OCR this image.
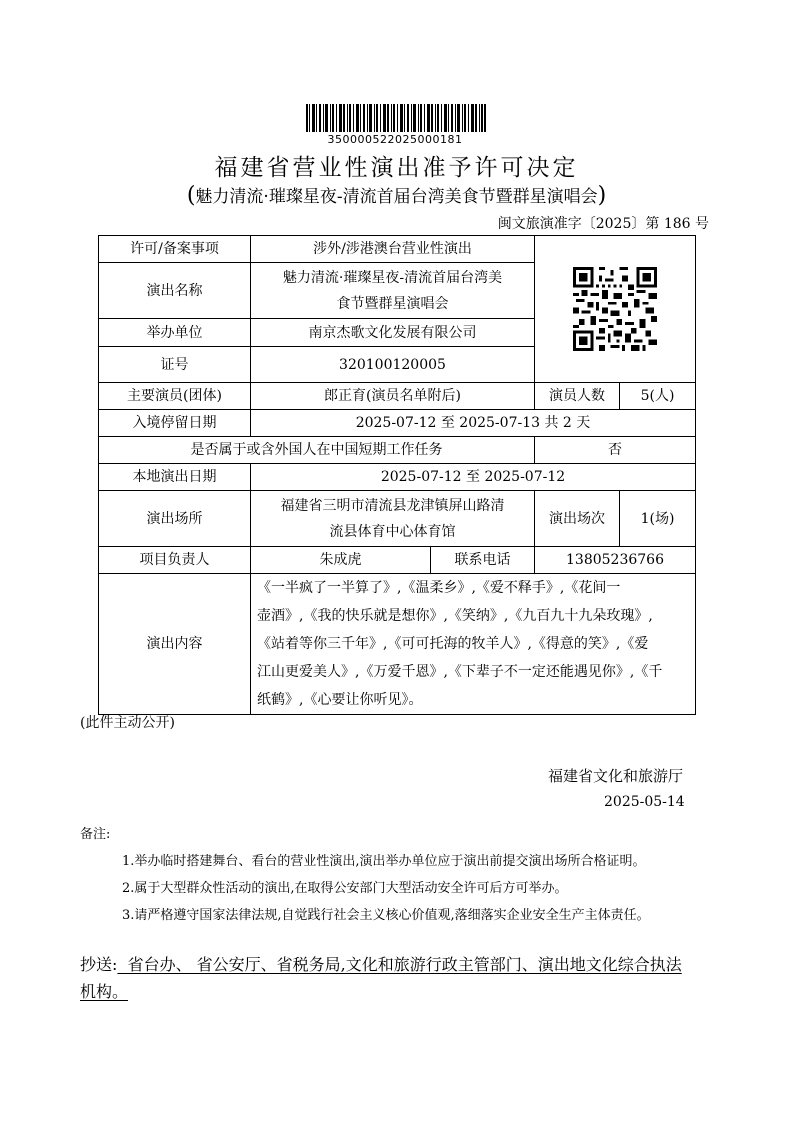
350000522025000181
福建省营业性演出准予许可决定
(魅力清流·璀璨星夜-清流首届台湾美食节暨群星演唱会)
闽文旅演准字〔2025〕第 186 号
许可/备案事项	涉外/涉港澳台营业性演出	

演出名称	魅力清流·璀璨星夜-清流首届台湾美
食节暨群星演唱会			

举办单位	南京杰歌文化发展有限公司			
证号	320100120005			
主要演员(团体)	郎正育(演员名单附后)		演员人数	5(人)
入境停留日期	2025-07-12 至 2025-07-13 共 2 天			
是否属于或含外国人在中国短期工作任务			否	
本地演出日期	2025-07-12 至 2025-07-12			
演出场所	福建省三明市清流县龙津镇屏山路清
流县体育中心体育馆		演出场次	1(场)
项目负责人	朱成虎	联系电话	13805236766	
演出内容	《一半疯了一半算了》,《温柔乡》,《爱不释手》,《花间一
壶酒》,《我的快乐就是想你》,《笑纳》,《九百九十九朵玫瑰》,
《站着等你三千年》,《可可托海的牧羊人》,《得意的笑》,《爱
江山更爱美人》,《万爱千恩》,《下辈子不一定还能遇见你》,《千
纸鹤》,《心要让你听见》。			
(此件主动公开)
福建省文化和旅游厅
2025-05-14
备注:
1.举办临时搭建舞台、看台的营业性演出,演出举办单位应于演出前提交演出场所合格证明。
2.属于大型群众性活动的演出,在取得公安部门大型活动安全许可后方可举办。
3.请严格遵守国家法律法规,自觉践行社会主义核心价值观,落细落实企业安全生产主体责任。
抄送:  省台办、 省公安厅、省税务局,文化和旅游行政主管部门、演出地文化综合执法
机构。
